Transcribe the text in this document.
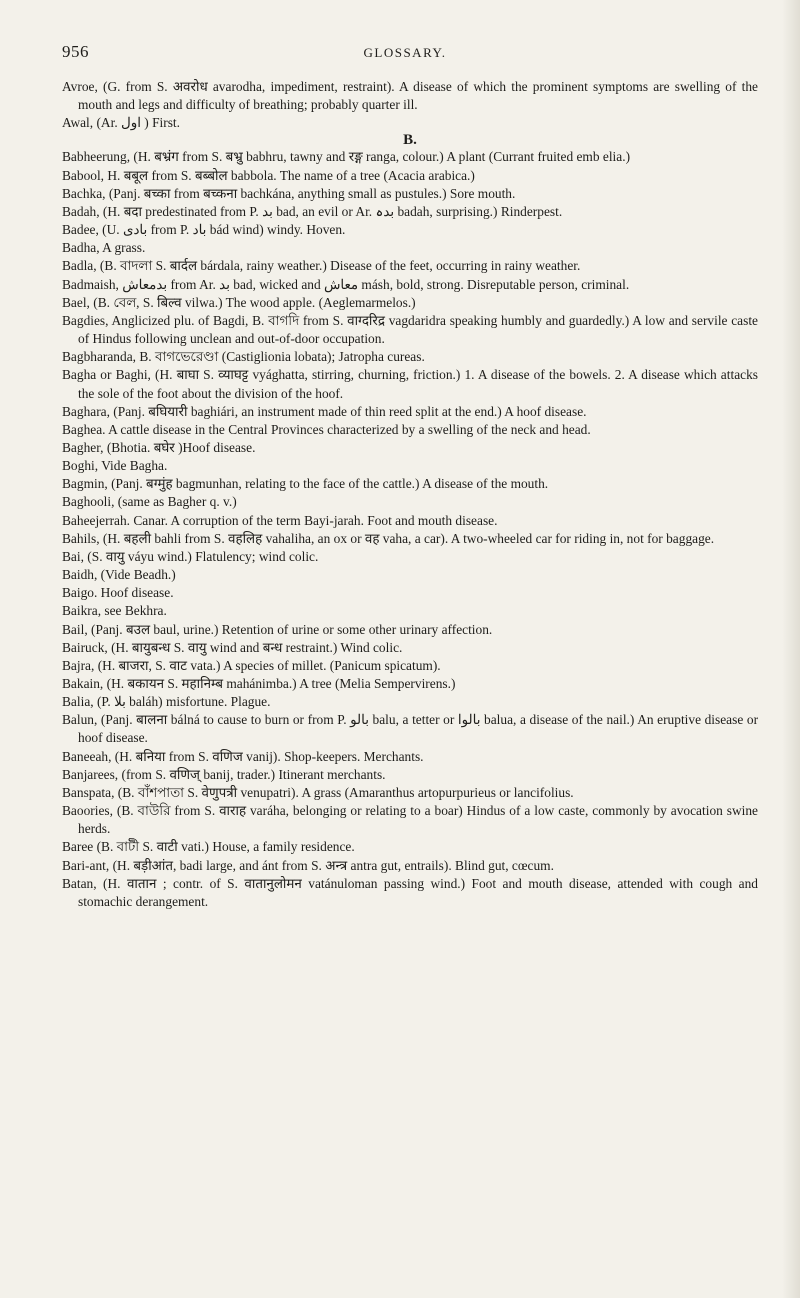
956	GLOSSARY.

Avroe, (G. from S. अवरोध avarodha, impediment, restraint). A disease of which the prominent symptoms are swelling of the mouth and legs and difficulty of breathing; probably quarter ill.

Awal, (Ar. اول ) First.

B.

Babheerung, (H. बभ्रंग from S. बभ्रु babhru, tawny and रङ्ग ranga, colour.) A plant (Currant fruited emb elia.)

Babool, H. बबूल from S. बब्बोल babbola. The name of a tree (Acacia arabica.)

Bachka, (Panj. बच्का from बच्कना bachkána, anything small as pustules.) Sore mouth.

Badah, (H. बदा predestinated from P. بد bad, an evil or Ar. بدہ badah, surprising.) Rinderpest.

Badee, (U. بادی from P. باد bád wind) windy. Hoven.

Badha, A grass.

Badla, (B. বাদলা S. बार्दल bárdala, rainy weather.) Disease of the feet, occurring in rainy weather.

Badmaish, بدمعاش from Ar. بد bad, wicked and معاش másh, bold, strong. Disreputable person, criminal.

Bael, (B. বেল, S. बिल्व vilwa.) The wood apple. (Aeglemarmelos.)

Bagdies, Anglicized plu. of Bagdi, B. বাগদি from S. वाग्दरिद्र vagdaridra speaking humbly and guardedly.) A low and servile caste of Hindus following unclean and out-of-door occupation.

Bagbharanda, B. বাগভেরেণ্ডা (Castiglionia lobata); Jatropha cureas.

Bagha or Baghi, (H. बाघा S. व्याघट्ट vyághatta, stirring, churning, friction.) 1. A disease of the bowels. 2. A disease which attacks the sole of the foot about the division of the hoof.

Baghara, (Panj. बघियारी baghiári, an instrument made of thin reed split at the end.) A hoof disease.

Baghea. A cattle disease in the Central Provinces characterized by a swelling of the neck and head.

Bagher, (Bhotia. बघेर )Hoof disease.

Boghi, Vide Bagha.

Bagmin, (Panj. बग्मुंह bagmunhan, relating to the face of the cattle.) A disease of the mouth.

Baghooli, (same as Bagher q. v.)

Baheejerrah. Canar. A corruption of the term Bayi-jarah. Foot and mouth disease.

Bahils, (H. बहली bahli from S. वहलिह vahaliha, an ox or वह vaha, a car). A two-wheeled car for riding in, not for baggage.

Bai, (S. वायु váyu wind.) Flatulency; wind colic.

Baidh, (Vide Beadh.)

Baigo. Hoof disease.

Baikra, see Bekhra.

Bail, (Panj. बउल baul, urine.) Retention of urine or some other urinary affection.

Bairuck, (H. बायुबन्ध S. वायु wind and बन्ध restraint.) Wind colic.

Bajra, (H. बाजरा, S. वाट vata.) A species of millet. (Panicum spicatum).

Bakain, (H. बकायन S. महानिम्ब mahánimba.) A tree (Melia Sempervirens.)

Balia, (P. بلا baláh) misfortune. Plague.

Balun, (Panj. बालना bálná to cause to burn or from P. بالو balu, a tetter or بالوا balua, a disease of the nail.) An eruptive disease or hoof disease.

Baneeah, (H. बनिया from S. वणिज vanij). Shop-keepers. Merchants.

Banjarees, (from S. वणिज् banij, trader.) Itinerant merchants.

Banspata, (B. বাঁশপাতা S. वेणुपत्री venupatri). A grass (Amaranthus artopurpurieus or lancifolius.

Baoories, (B. বাউরি from S. वाराह varáha, belonging or relating to a boar) Hindus of a low caste, commonly by avocation swine herds.

Baree (B. বাটী S. वाटी vati.) House, a family residence.

Bari-ant, (H. बड़ीआंत, badi large, and ánt from S. अन्त्र antra gut, entrails). Blind gut, cœcum.

Batan, (H. वातान ; contr. of S. वातानुलोमन vatánuloman passing wind.) Foot and mouth disease, attended with cough and stomachic derangement.
